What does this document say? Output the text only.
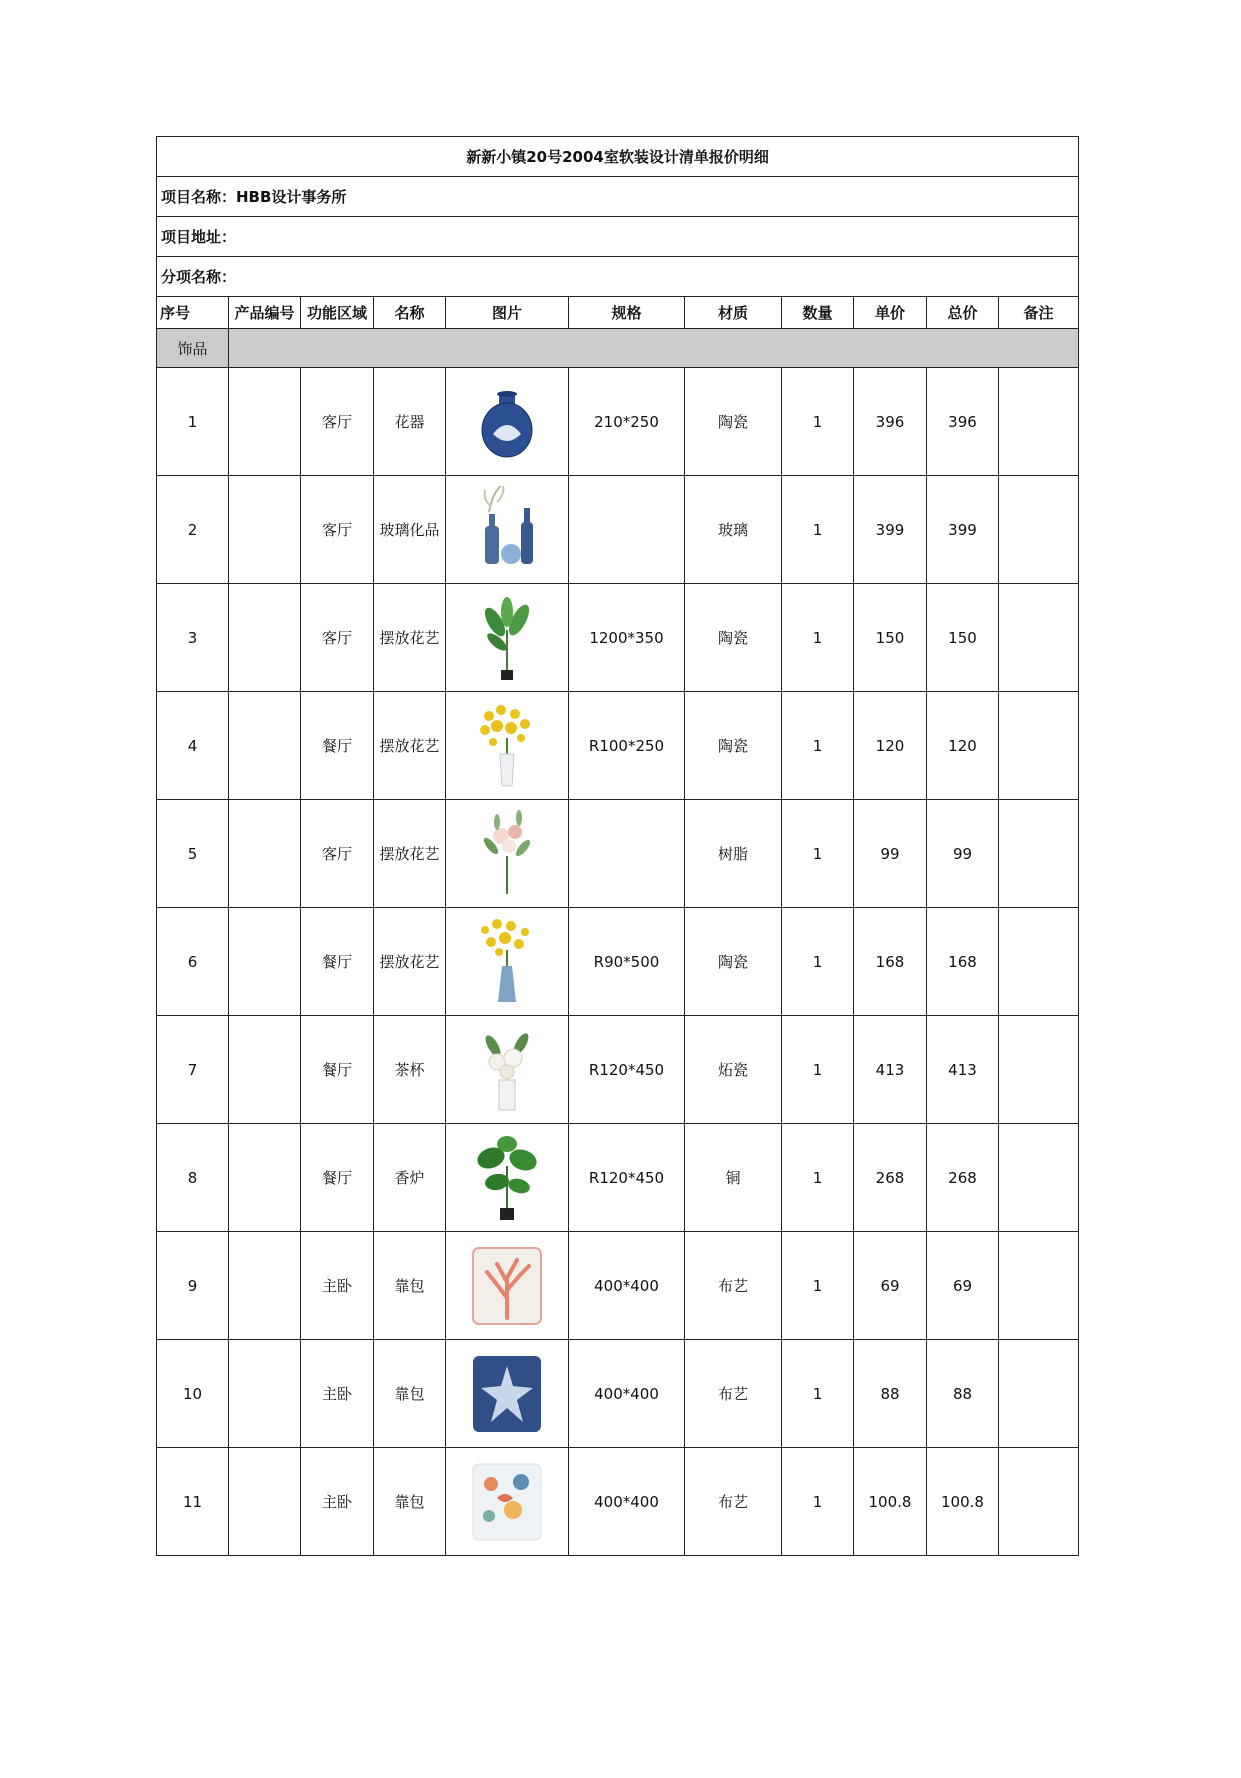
新新小镇20号2004室软装设计清单报价明细										
项目名称：HBB设计事务所										
项目地址：										
分项名称：										
序号	产品编号	功能区域	名称	图片	规格	材质	数量	单价	总价	备注
饰品										
1		客厅	花器		210*250	陶瓷	1	396	396	
2		客厅	玻璃化品			玻璃	1	399	399	
3		客厅	摆放花艺		1200*350	陶瓷	1	150	150	
4		餐厅	摆放花艺		R100*250	陶瓷	1	120	120	
5		客厅	摆放花艺			树脂	1	99	99	
6		餐厅	摆放花艺		R90*500	陶瓷	1	168	168	
7		餐厅	茶杯		R120*450	炻瓷	1	413	413	
8		餐厅	香炉		R120*450	铜	1	268	268	
9		主卧	靠包		400*400	布艺	1	69	69	
10		主卧	靠包		400*400	布艺	1	88	88	
11		主卧	靠包		400*400	布艺	1	100.8	100.8	
